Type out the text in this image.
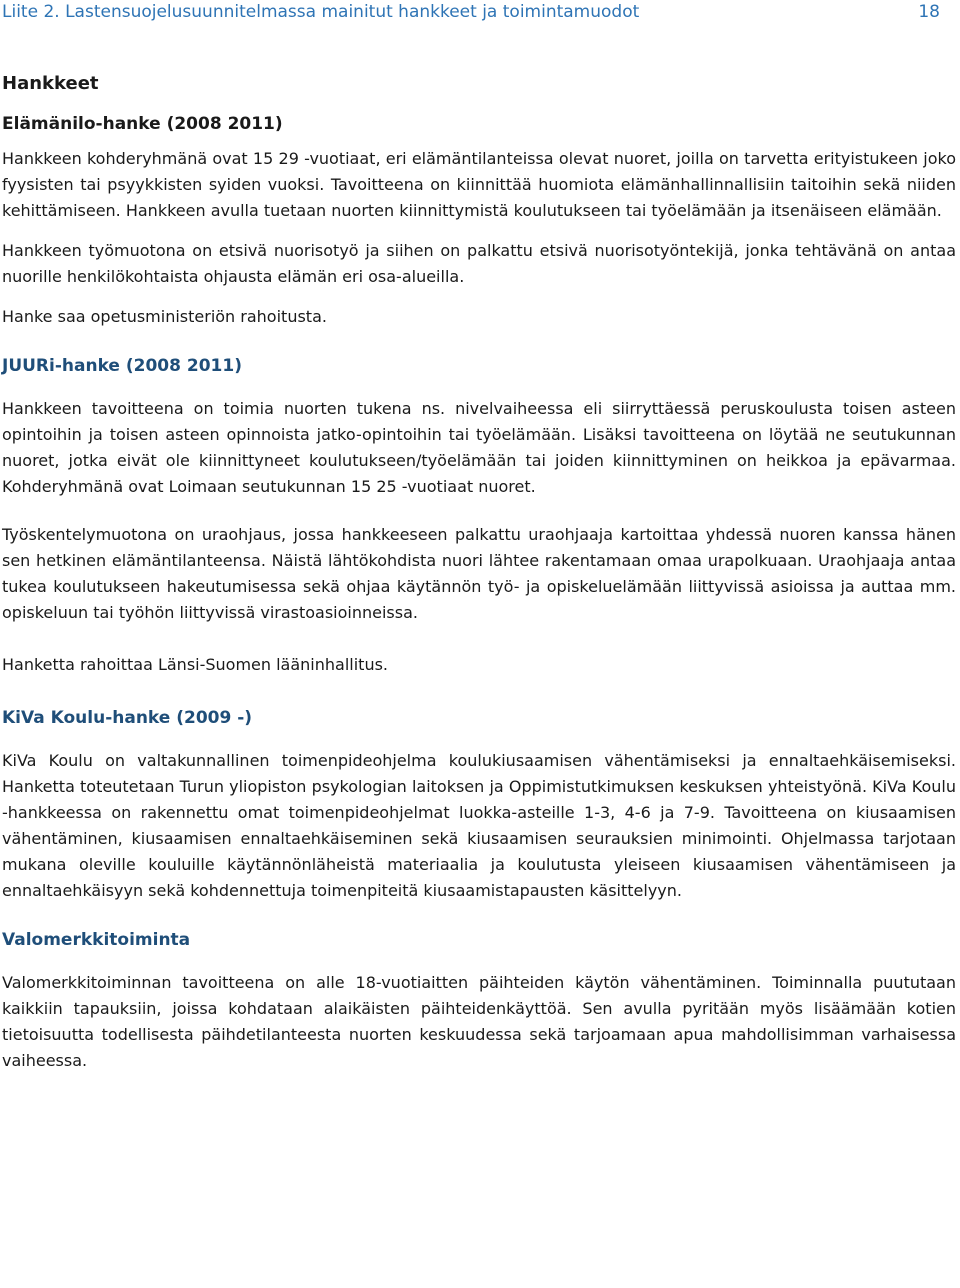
Liite 2. Lastensuojelusuunnitelmassa mainitut hankkeet ja toimintamuodot	18
Hankkeet
Elämänilo-hanke (2008 2011)

Hankkeen kohderyhmänä ovat 15 29 -vuotiaat, eri elämäntilanteissa olevat nuoret, joilla on tarvetta erityistukeen joko fyysisten tai psyykkisten syiden vuoksi. Tavoitteena on kiinnittää huomiota elämänhallinnallisiin taitoihin sekä niiden kehittämiseen. Hankkeen avulla tuetaan nuorten kiinnittymistä koulutukseen tai työelämään ja itsenäiseen elämään.

Hankkeen työmuotona on etsivä nuorisotyö ja siihen on palkattu etsivä nuorisotyöntekijä, jonka tehtävänä on antaa nuorille henkilökohtaista ohjausta elämän eri osa-alueilla.

Hanke saa opetusministeriön rahoitusta.

JUURi-hanke (2008 2011)

Hankkeen tavoitteena on toimia nuorten tukena ns. nivelvaiheessa eli siirryttäessä peruskoulusta toisen asteen opintoihin ja toisen asteen opinnoista jatko-opintoihin tai työelämään. Lisäksi tavoitteena on löytää ne seutukunnan nuoret, jotka eivät ole kiinnittyneet koulutukseen/työelämään tai joiden kiinnittyminen on heikkoa ja epävarmaa. Kohderyhmänä ovat Loimaan seutukunnan 15 25 -vuotiaat nuoret.

Työskentelymuotona on uraohjaus, jossa hankkeeseen palkattu uraohjaaja kartoittaa yhdessä nuoren kanssa hänen sen hetkinen elämäntilanteensa. Näistä lähtökohdista nuori lähtee rakentamaan omaa urapolkuaan. Uraohjaaja antaa tukea koulutukseen hakeutumisessa sekä ohjaa käytännön työ- ja opiskeluelämään liittyvissä asioissa ja auttaa mm. opiskeluun tai työhön liittyvissä virastoasioinneissa.

Hanketta rahoittaa Länsi-Suomen lääninhallitus.

KiVa Koulu-hanke (2009 -)

KiVa Koulu on valtakunnallinen toimenpideohjelma koulukiusaamisen vähentämiseksi ja ennaltaehkäisemiseksi. Hanketta toteutetaan Turun yliopiston psykologian laitoksen ja Oppimistutkimuksen keskuksen yhteistyönä. KiVa Koulu -hankkeessa on rakennettu omat toimenpideohjelmat luokka-asteille 1-3, 4-6 ja 7-9. Tavoitteena on kiusaamisen vähentäminen, kiusaamisen ennaltaehkäiseminen sekä kiusaamisen seurauksien minimointi. Ohjelmassa tarjotaan mukana oleville kouluille käytännönläheistä materiaalia ja koulutusta yleiseen kiusaamisen vähentämiseen ja ennaltaehkäisyyn sekä kohdennettuja toimenpiteitä kiusaamistapausten käsittelyyn.

Valomerkkitoiminta

Valomerkkitoiminnan tavoitteena on alle 18-vuotiaitten päihteiden käytön vähentäminen. Toiminnalla puututaan kaikkiin tapauksiin, joissa kohdataan alaikäisten päihteidenkäyttöä. Sen avulla pyritään myös lisäämään kotien tietoisuutta todellisesta päihdetilanteesta nuorten keskuudessa sekä tarjoamaan apua mahdollisimman varhaisessa vaiheessa.
